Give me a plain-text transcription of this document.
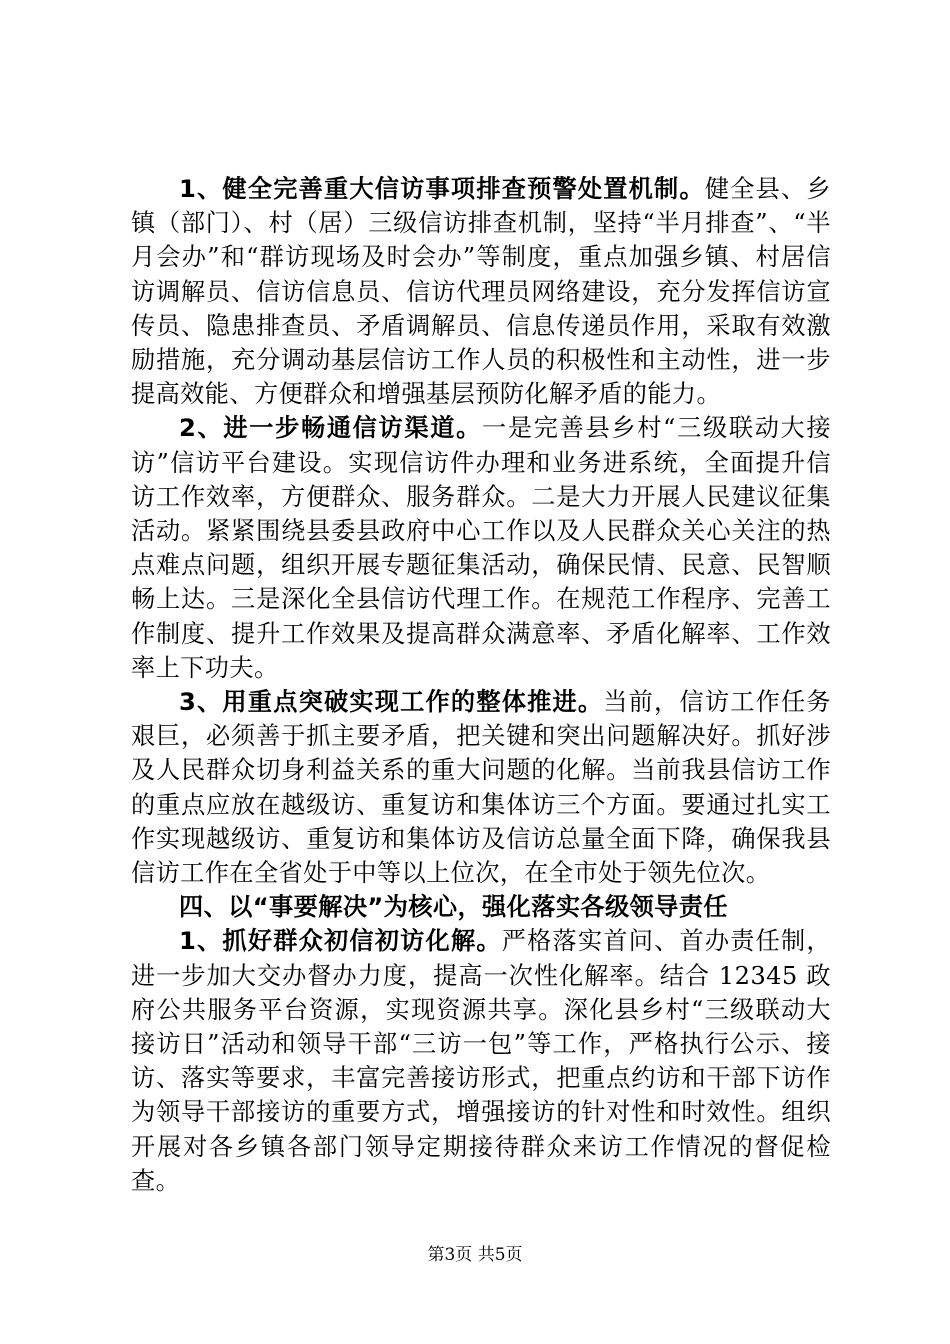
1、健全完善重大信访事项排查预警处置机制。健全县、乡镇（部门）、村（居）三级信访排查机制，坚持“半月排查”、“半月会办”和“群访现场及时会办”等制度，重点加强乡镇、村居信访调解员、信访信息员、信访代理员网络建设，充分发挥信访宣传员、隐患排查员、矛盾调解员、信息传递员作用，采取有效激励措施，充分调动基层信访工作人员的积极性和主动性，进一步提高效能、方便群众和增强基层预防化解矛盾的能力。

2、进一步畅通信访渠道。一是完善县乡村“三级联动大接访”信访平台建设。实现信访件办理和业务进系统，全面提升信访工作效率，方便群众、服务群众。二是大力开展人民建议征集活动。紧紧围绕县委县政府中心工作以及人民群众关心关注的热点难点问题，组织开展专题征集活动，确保民情、民意、民智顺畅上达。三是深化全县信访代理工作。在规范工作程序、完善工作制度、提升工作效果及提高群众满意率、矛盾化解率、工作效率上下功夫。

3、用重点突破实现工作的整体推进。当前，信访工作任务艰巨，必须善于抓主要矛盾，把关键和突出问题解决好。抓好涉及人民群众切身利益关系的重大问题的化解。当前我县信访工作的重点应放在越级访、重复访和集体访三个方面。要通过扎实工作实现越级访、重复访和集体访及信访总量全面下降，确保我县信访工作在全省处于中等以上位次，在全市处于领先位次。

四、以“事要解决”为核心，强化落实各级领导责任

1、抓好群众初信初访化解。严格落实首问、首办责任制，进一步加大交办督办力度，提高一次性化解率。结合 12345 政府公共服务平台资源，实现资源共享。深化县乡村“三级联动大接访日”活动和领导干部“三访一包”等工作，严格执行公示、接访、落实等要求，丰富完善接访形式，把重点约访和干部下访作为领导干部接访的重要方式，增强接访的针对性和时效性。组织开展对各乡镇各部门领导定期接待群众来访工作情况的督促检查。

第3页 共5页
